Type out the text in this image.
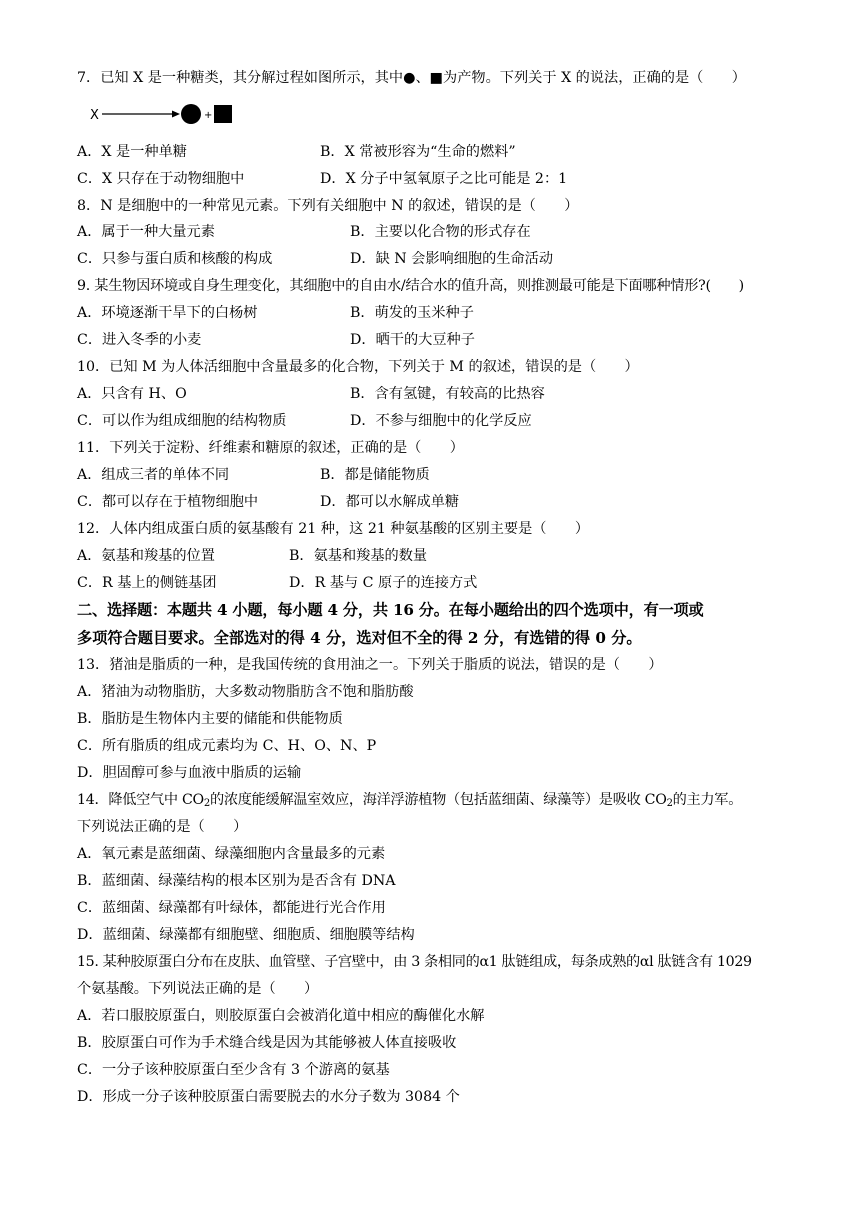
7．已知 X 是一种糖类，其分解过程如图所示，其中●、■为产物。下列关于 X 的说法，正确的是（　　）
X	+
A．X 是一种单糖	B．X 常被形容为“生命的燃料”
C．X 只存在于动物细胞中	D．X 分子中氢氧原子之比可能是 2：1
8．N 是细胞中的一种常见元素。下列有关细胞中 N 的叙述，错误的是（　　）
A．属于一种大量元素	B．主要以化合物的形式存在
C．只参与蛋白质和核酸的构成	D．缺 N 会影响细胞的生命活动
9. 某生物因环境或自身生理变化，其细胞中的自由水/结合水的值升高，则推测最可能是下面哪种情形?(　　)
A．环境逐渐干旱下的白杨树	B．萌发的玉米种子
C．进入冬季的小麦	D．晒干的大豆种子
10．已知 M 为人体活细胞中含量最多的化合物，下列关于 M 的叙述，错误的是（　　）
A．只含有 H、O	B．含有氢键，有较高的比热容
C．可以作为组成细胞的结构物质	D．不参与细胞中的化学反应
11．下列关于淀粉、纤维素和糖原的叙述，正确的是（　　）
A．组成三者的单体不同	B．都是储能物质
C．都可以存在于植物细胞中	D．都可以水解成单糖
12．人体内组成蛋白质的氨基酸有 21 种，这 21 种氨基酸的区别主要是（　　）
A．氨基和羧基的位置	B．氨基和羧基的数量
C．R 基上的侧链基团	D．R 基与 C 原子的连接方式
二、选择题：本题共 4 小题，每小题 4 分，共 16 分。在每小题给出的四个选项中，有一项或
多项符合题目要求。全部选对的得 4 分，选对但不全的得 2 分，有选错的得 0 分。
13．猪油是脂质的一种，是我国传统的食用油之一。下列关于脂质的说法，错误的是（　　）
A．猪油为动物脂肪，大多数动物脂肪含不饱和脂肪酸
B．脂肪是生物体内主要的储能和供能物质
C．所有脂质的组成元素均为 C、H、O、N、P
D．胆固醇可参与血液中脂质的运输
14．降低空气中 $CO_2$的浓度能缓解温室效应，海洋浮游植物（包括蓝细菌、绿藻等）是吸收 $CO_2$的主力军。
下列说法正确的是（　　）
A．氧元素是蓝细菌、绿藻细胞内含量最多的元素
B．蓝细菌、绿藻结构的根本区别为是否含有 DNA
C．蓝细菌、绿藻都有叶绿体，都能进行光合作用
D．蓝细菌、绿藻都有细胞壁、细胞质、细胞膜等结构
15. 某种胶原蛋白分布在皮肤、血管壁、子宫壁中，由 3 条相同的α1 肽链组成，每条成熟的αl 肽链含有 1029
个氨基酸。下列说法正确的是（　　）
A．若口服胶原蛋白，则胶原蛋白会被消化道中相应的酶催化水解
B．胶原蛋白可作为手术缝合线是因为其能够被人体直接吸收
C．一分子该种胶原蛋白至少含有 3 个游离的氨基
D．形成一分子该种胶原蛋白需要脱去的水分子数为 3084 个
